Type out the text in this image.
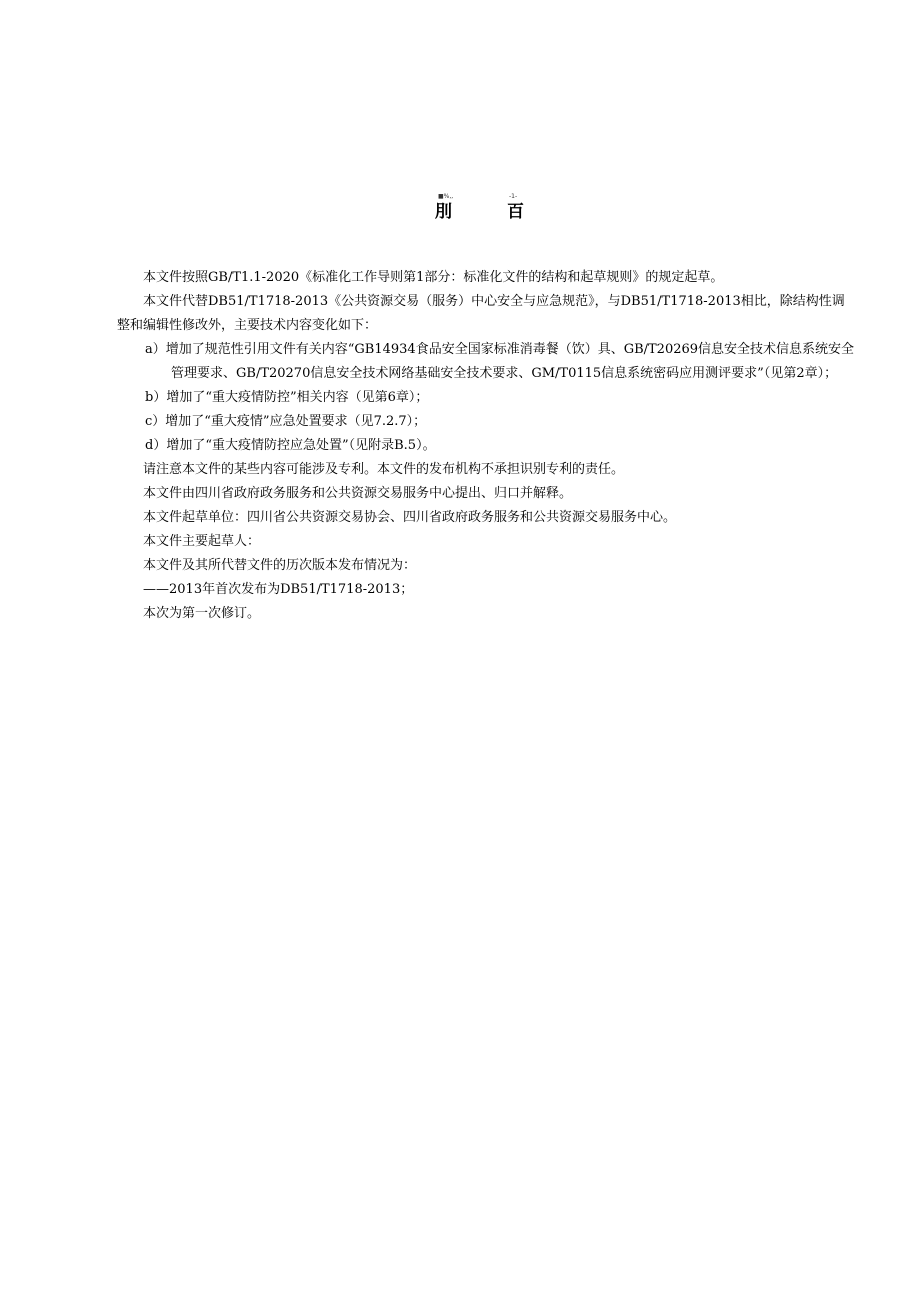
■%,,	-1-
刖	百

本文件按照GB/T1.1-2020《标准化工作导则第1部分：标准化文件的结构和起草规则》的规定起草。

本文件代替DB51/T1718-2013《公共资源交易（服务）中心安全与应急规范》，与DB51/T1718-2013相比，除结构性调整和编辑性修改外，主要技术内容变化如下：

a）增加了规范性引用文件有关内容“GB14934食品安全国家标准消毒餐（饮）具、GB/T20269信息安全技术信息系统安全管理要求、GB/T20270信息安全技术网络基础安全技术要求、GM/T0115信息系统密码应用测评要求”（见第2章）；

b）增加了“重大疫情防控”相关内容（见第6章）；

c）增加了“重大疫情”应急处置要求（见7.2.7）；

d）增加了“重大疫情防控应急处置”（见附录B.5）。

请注意本文件的某些内容可能涉及专利。本文件的发布机构不承担识别专利的责任。

本文件由四川省政府政务服务和公共资源交易服务中心提出、归口并解释。

本文件起草单位：四川省公共资源交易协会、四川省政府政务服务和公共资源交易服务中心。

本文件主要起草人：

本文件及其所代替文件的历次版本发布情况为：

——2013年首次发布为DB51/T1718-2013；

本次为第一次修订。
